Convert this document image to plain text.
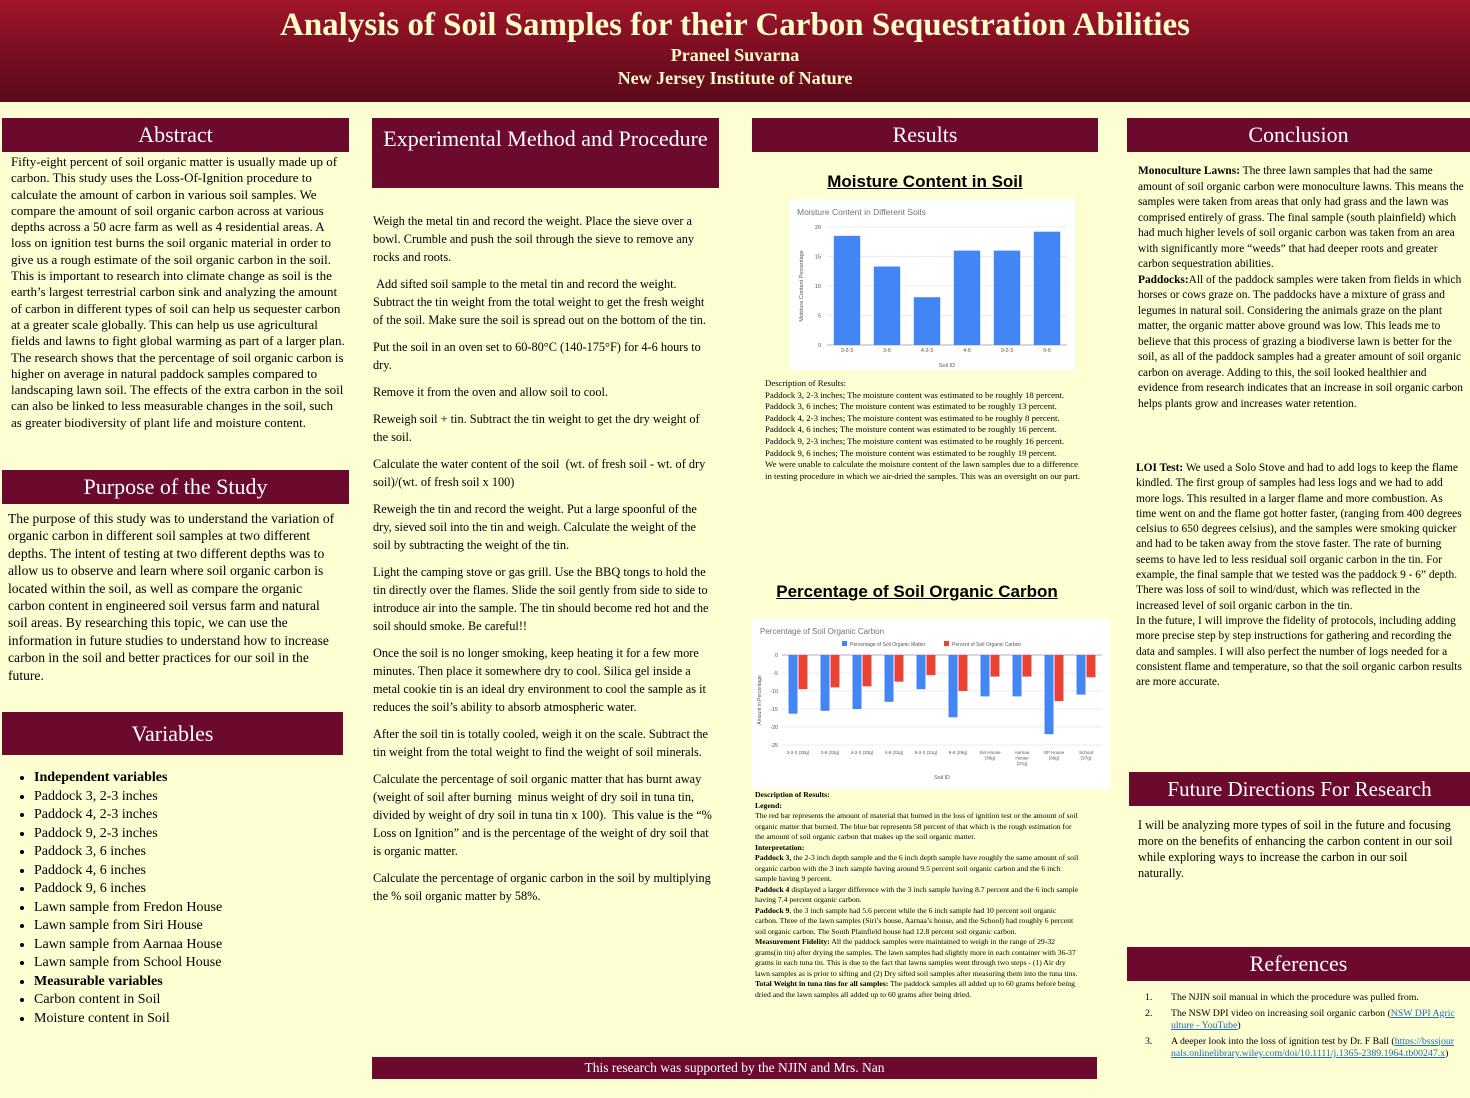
Analysis of Soil Samples for their Carbon Sequestration Abilities
Praneel Suvarna
New Jersey Institute of Nature
Abstract
Fifty-eight percent of soil organic matter is usually made up of carbon. This study uses the Loss-Of-Ignition procedure to calculate the amount of carbon in various soil samples. We compare the amount of soil organic carbon across at various depths across a 50 acre farm as well as 4 residential areas. A loss on ignition test burns the soil organic material in order to give us a rough estimate of the soil organic carbon in the soil. This is important to research into climate change as soil is the earth’s largest terrestrial carbon sink and analyzing the amount of carbon in different types of soil can help us sequester carbon at a greater scale globally. This can help us use agricultural fields and lawns to fight global warming as part of a larger plan. The research shows that the percentage of soil organic carbon is higher on average in natural paddock samples compared to landscaping lawn soil. The effects of the extra carbon in the soil can also be linked to less measurable changes in the soil, such as greater biodiversity of plant life and moisture content.
Purpose of the Study
The purpose of this study was to understand the variation of organic carbon in different soil samples at two different depths. The intent of testing at two different depths was to allow us to observe and learn where soil organic carbon is located within the soil, as well as compare the organic carbon content in engineered soil versus farm and natural soil areas. By researching this topic, we can use the information in future studies to understand how to increase carbon in the soil and better practices for our soil in the future.
Variables
• Independent variables
• Paddock 3, 2-3 inches
• Paddock 4, 2-3 inches
• Paddock 9, 2-3 inches
• Paddock 3, 6 inches
• Paddock 4, 6 inches
• Paddock 9, 6 inches
• Lawn sample from Fredon House
• Lawn sample from Siri House
• Lawn sample from Aarnaa House
• Lawn sample from School House
• Measurable variables
• Carbon content in Soil
• Moisture content in Soil
Experimental Method and Procedure

Weigh the metal tin and record the weight. Place the sieve over a bowl. Crumble and push the soil through the sieve to remove any rocks and roots.

Add sifted soil sample to the metal tin and record the weight. Subtract the tin weight from the total weight to get the fresh weight of the soil. Make sure the soil is spread out on the bottom of the tin.

Put the soil in an oven set to 60-80°C (140-175°F) for 4-6 hours to dry.

Remove it from the oven and allow soil to cool.

Reweigh soil + tin. Subtract the tin weight to get the dry weight of the soil.

Calculate the water content of the soil  (wt. of fresh soil - wt. of dry soil)/(wt. of fresh soil x 100)

Reweigh the tin and record the weight. Put a large spoonful of the dry, sieved soil into the tin and weigh. Calculate the weight of the soil by subtracting the weight of the tin.

Light the camping stove or gas grill. Use the BBQ tongs to hold the tin directly over the flames. Slide the soil gently from side to side to introduce air into the sample. The tin should become red hot and the soil should smoke. Be careful!!

Once the soil is no longer smoking, keep heating it for a few more minutes. Then place it somewhere dry to cool. Silica gel inside a metal cookie tin is an ideal dry environment to cool the sample as it reduces the soil’s ability to absorb atmospheric water.

After the soil tin is totally cooled, weigh it on the scale. Subtract the tin weight from the total weight to find the weight of soil minerals.

Calculate the percentage of soil organic matter that has burnt away (weight of soil after burning  minus weight of dry soil in tuna tin, divided by weight of dry soil in tuna tin x 100).  This value is the “% Loss on Ignition” and is the percentage of the weight of dry soil that is organic matter.

Calculate the percentage of organic carbon in the soil by multiplying the % soil organic matter by 58%.

This research was supported by the NJIN and Mrs. Nan
Results
Moisture Content in Soil
Moisture Content in Different Soils
0
5
10
15
20
3-2-3	3-6	4-2-3	4-6	9-2-3	9-6
Soil ID
Moisture Content Percentage
Description of Results:
Paddock 3, 2-3 inches; The moisture content was estimated to be roughly 18 percent.
Paddock 3, 6 inches; The moisture content was estimated to be roughly 13 percent.
Paddock 4, 2-3 inches; The moisture content was estimated to be roughly 8 percent.
Paddock 4, 6 inches; The moisture content was estimated to be roughly 16 percent.
Paddock 9, 2-3 inches; The moisture content was estimated to be roughly 16 percent.
Paddock 9, 6 inches; The moisture content was estimated to be roughly 19 percent.
We were unable to calculate the moisture content of the lawn samples due to a difference in testing procedure in which we air-dried the samples. This was an oversight on our part.
Percentage of Soil Organic Carbon
Percentage of Soil Organic Carbon
Percentage of Soil Organic Matter	Percent of Soil Organic Carbon
0
-5
-10
-15
-20
-25
3-2-3 (30g) 3-6 (32g) 4-2-3 (33g) 4-6 (31g) 9-2-3 (31g) 9-6 (29g)	Siri House
(38g)
Aarnaa
House
(37g)
SP House
(36g)
School
(37g)
Soil ID
Amount in Percentage
Description of Results:
Legend:
The red bar represents the amount of material that burned in the loss of ignition test or the amount of soil organic matter that burned. The blue bar represents 58 percent of that which is the rough estimation for the amount of soil organic carbon that makes up the soil organic matter.
Interpretation:
Paddock 3, the 2-3 inch depth sample and the 6 inch depth sample have roughly the same amount of soil organic carbon with the 3 inch sample having around 9.5 percent soil organic carbon and the 6 inch sample having 9 percent.
Paddock 4 displayed a larger difference with the 3 inch sample having 8.7 percent and the 6 inch sample having 7.4 percent organic carbon.
Paddock 9, the 3 inch sample had 5.6 percent while the 6 inch sample had 10 percent soil organic carbon. Three of the lawn samples (Siri’s house, Aarnaa’s house, and the School) had roughly 6 percent soil organic carbon. The South Plainfield house had 12.8 percent soil organic carbon.
Measurement Fidelity: All the paddock samples were maintained to weigh in the range of 29-32 grams(in tin) after drying the samples. The lawn samples had slightly more in each container with 36-37 grams in each tuna tin. This is due to the fact that lawns samples went through two steps - (1) Air dry lawn samples as is prior to sifting and (2) Dry sifted soil samples after measuring them into the tuna tins.
Total Weight in tuna tins for all samples: The paddock samples all added up to 60 grams before being dried and the lawn samples all added up to 60 grams after being dried.
Conclusion

Monoculture Lawns: The three lawn samples that had the same amount of soil organic carbon were monoculture lawns. This means the samples were taken from areas that only had grass and the lawn was comprised entirely of grass. The final sample (south plainfield) which had much higher levels of soil organic carbon was taken from an area with significantly more “weeds” that had deeper roots and greater carbon sequestration abilities.

Paddocks:All of the paddock samples were taken from fields in which horses or cows graze on. The paddocks have a mixture of grass and legumes in natural soil. Considering the animals graze on the plant matter, the organic matter above ground was low. This leads me to believe that this process of grazing a biodiverse lawn is better for the soil, as all of the paddock samples had a greater amount of soil organic carbon on average. Adding to this, the soil looked healthier and evidence from research indicates that an increase in soil organic carbon helps plants grow and increases water retention.

LOI Test: We used a Solo Stove and had to add logs to keep the flame kindled. The first group of samples had less logs and we had to add more logs. This resulted in a larger flame and more combustion. As time went on and the flame got hotter faster, (ranging from 400 degrees celsius to 650 degrees celsius), and the samples were smoking quicker and had to be taken away from the stove faster. The rate of burning seems to have led to less residual soil organic carbon in the tin. For example, the final sample that we tested was the paddock 9 - 6” depth. There was loss of soil to wind/dust, which was reflected in the increased level of soil organic carbon in the tin.

In the future, I will improve the fidelity of protocols, including adding more precise step by step instructions for gathering and recording the data and samples. I will also perfect the number of logs needed for a consistent flame and temperature, so that the soil organic carbon results are more accurate.

Future Directions For Research
I will be analyzing more types of soil in the future and focusing more on the benefits of enhancing the carbon content in our soil while exploring ways to increase the carbon in our soil naturally.
References
1.	The NJIN soil manual in which the procedure was pulled from.
2.	The NSW DPI video on increasing soil organic carbon (NSW DPI Agriculture - YouTube)
3.	A deeper look into the loss of ignition test by Dr. F Ball (https://bsssjournals.onlinelibrary.wiley.com/doi/10.1111/j.1365-2389.1964.tb00247.x)
